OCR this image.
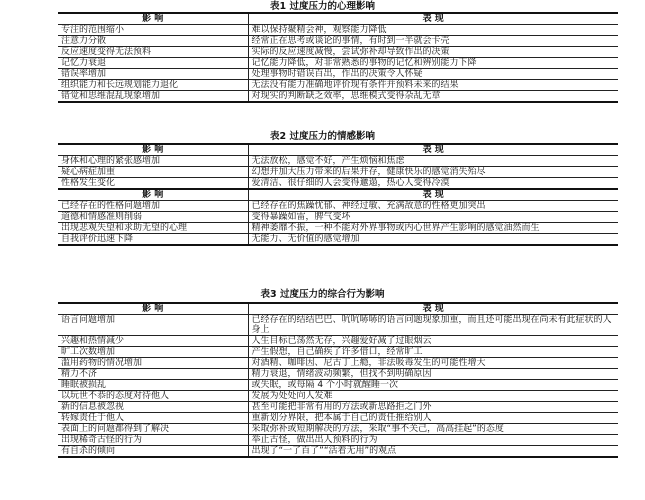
表1 过度压力的心理影响
影 响	表 现
专注的范围缩小	难以保持聚精会神，观察能力降低
注意力分散	经常正在思考或谈论的事情，有时到一半就会卡壳
反应速度变得无法预料	实际的反应速度减慢，尝试弥补却导致作出的决策
记忆力衰退	记忆能力降低，对非常熟悉的事物的记忆和辨别能力下降
错误率增加	处理事物时错误百出，作出的决策令人怀疑
组织能力和长远规划能力退化	无法没有能力准确地评价现有条件并预料未来的结果
错觉和思维混乱现象增加	对现实的判断缺乏效率，思维模式变得杂乱无章
表2 过度压力的情感影响
影 响	表 现
身体和心理的紧张感增加	无法放松，感觉不好，产生烦恼和焦虑
疑心病症加重	幻想并加大压力带来的后果并存，健康快乐的感觉消失殆尽
性格发生变化	爱清洁、很仔细的人会变得邋遢，热心人变得冷漠
影 响	表 现
已经存在的性格问题增加	已经存在的焦躁忧郁、神经过敏、充满敌意的性格更加突出
道德和情感准则削弱	变得暴躁如雷，脾气变坏
出现悲观失望和求助无望的心理	精神萎靡不振，一种不能对外界事物或内心世界产生影响的感觉油然而生
自我评价迅速下降	无能力、无价值的感觉增加
表3 过度压力的综合行为影响
影 响	表 现
语言问题增加	已经存在的结结巴巴、吭吭哧哧的语言问题现象加重，而且还可能出现在尚未有此症状的人身上
兴趣和热情减少	人生目标已荡然无存，兴趣爱好减了过眼烟云
旷工次数增加	产生假想，自己确疾了许多借口，经常旷工
滥用药物的情况增加	对酒精、咖啡因、尼古丁上瘾，非法吸毒发生的可能性增大
精力不济	精力衰退，情绪波动频繁，但找不到明确原因
睡眠被损乱	或失眠，或每隔 4 个小时就醒睡一次
以玩世不恭的态度对待他人	发展为处处向人发难
新的信息被忽视	甚至可能把非常有用的方法或新思路拒之门外
转嫁责任于他人	重新划分界限，把本属于自己的责任推给别人
表面上的问题都得到了解决	采取弥补或短期解决的方法，采取“事不关己，高高挂起”的态度
出现稀奇古怪的行为	举止古怪，做出出人预料的行为
有自杀的倾向	出现了“一了百了”“活着无用”的观点
